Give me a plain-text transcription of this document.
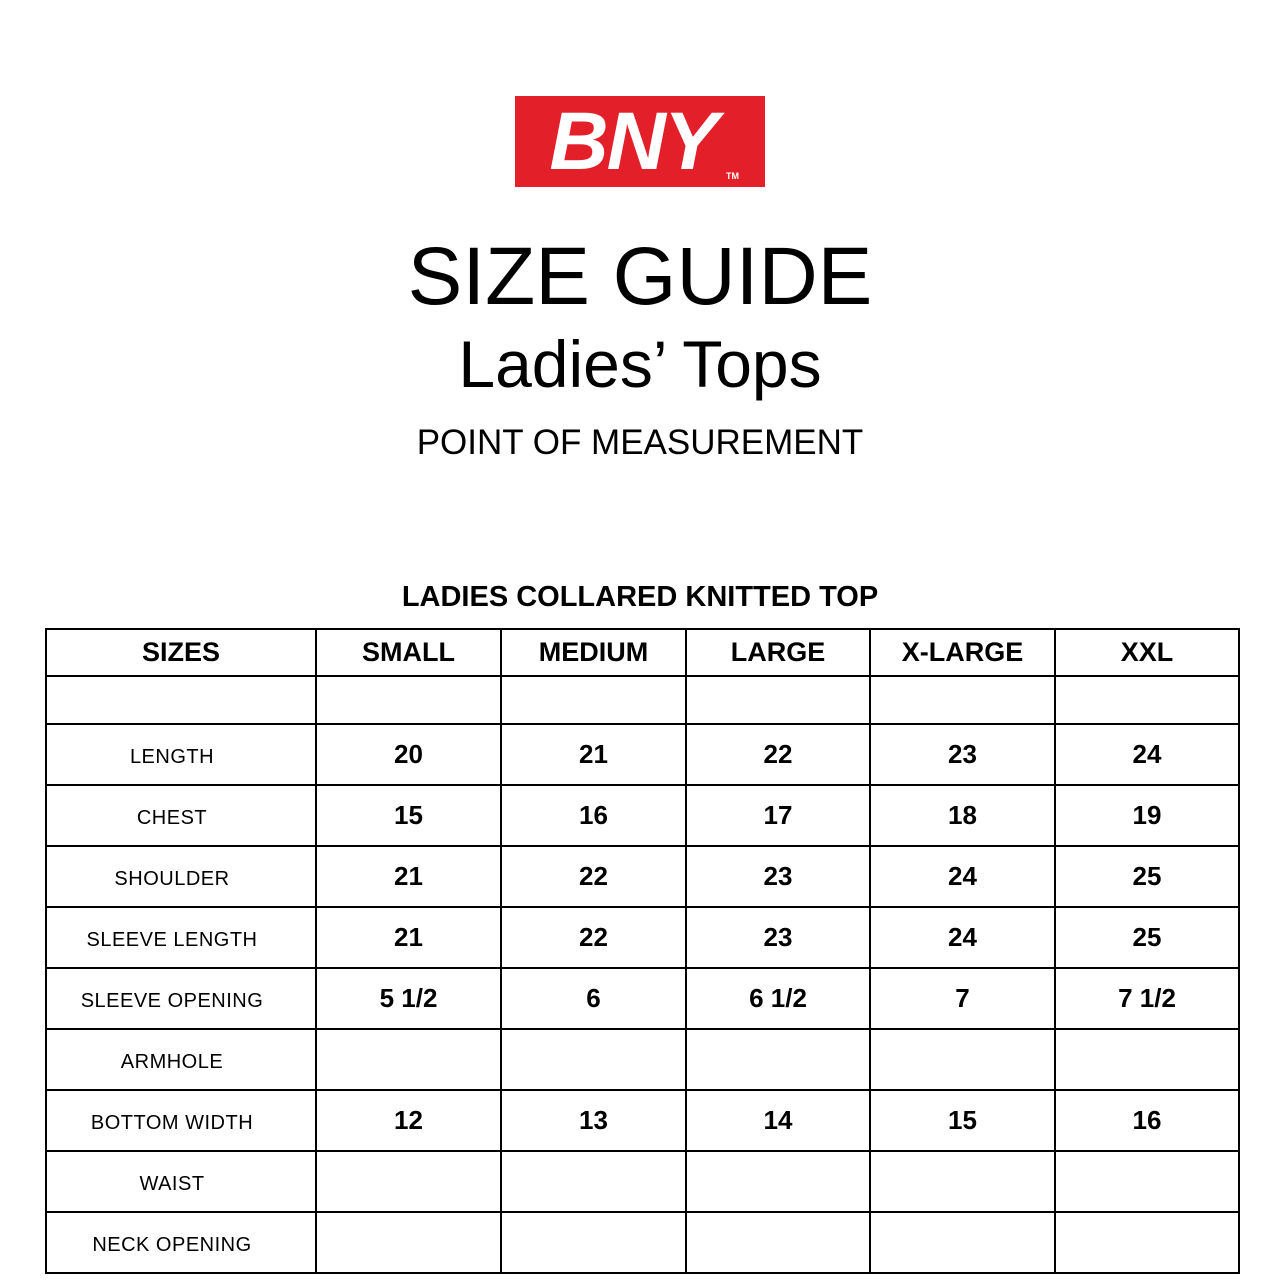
BNY	TM
SIZE GUIDE
Ladies’ Tops
POINT OF MEASUREMENT
LADIES COLLARED KNITTED TOP
SIZES	SMALL	MEDIUM	LARGE	X-LARGE	XXL

LENGTH	20	21	22	23	24
CHEST	15	16	17	18	19
SHOULDER	21	22	23	24	25
SLEEVE LENGTH	21	22	23	24	25
SLEEVE OPENING	5 1/2	6	6 1/2	7	7 1/2
ARMHOLE					
BOTTOM WIDTH	12	13	14	15	16
WAIST					
NECK OPENING					
